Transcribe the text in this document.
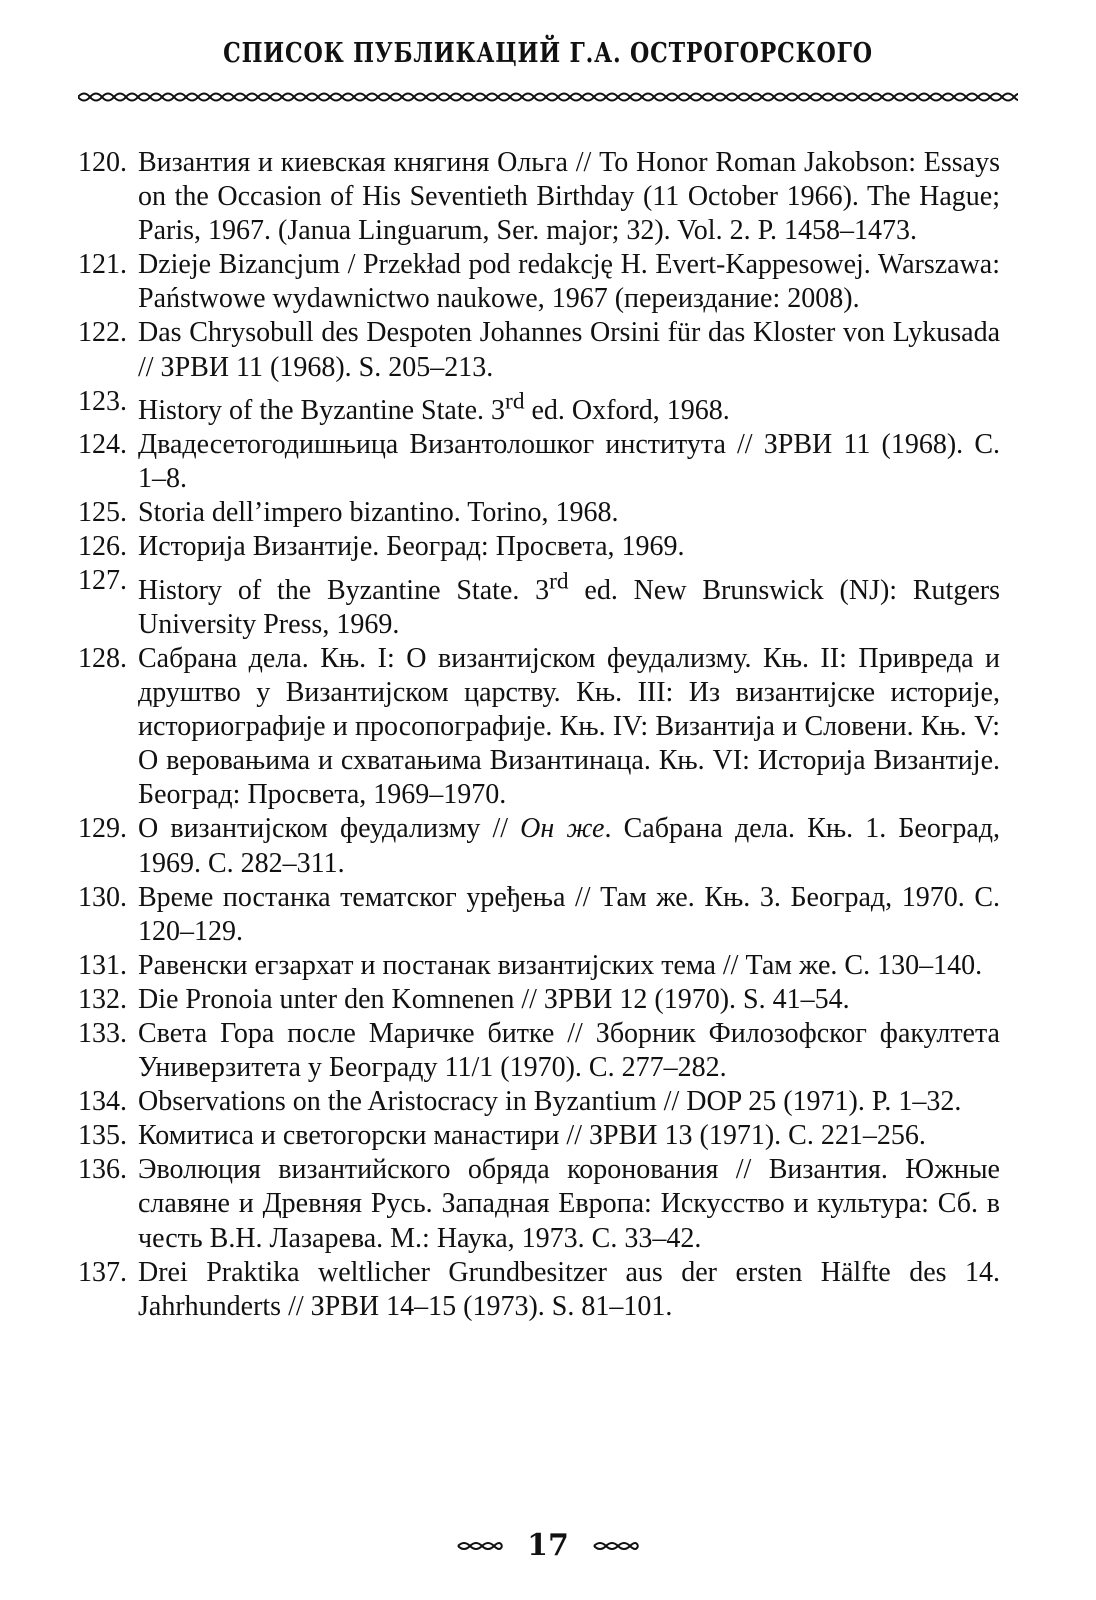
СПИСОК ПУБЛИКАЦИЙ Г.А. ОСТРОГОРСКОГО
120. Византия и киевская княгиня Ольга // To Honor Roman Jakobson: Essays on the Occasion of His Seventieth Birthday (11 October 1966). The Hague; Paris, 1967. (Janua Linguarum, Ser. major; 32). Vol. 2. P. 1458–1473.
121. Dzieje Bizancjum / Przekład pod redakcję H. Evert-Kappesowej. Warszawa: Państwowe wydawnictwo naukowe, 1967 (переиздание: 2008).
122. Das Chrysobull des Despoten Johannes Orsini für das Kloster von Lykusada // ЗРВИ 11 (1968). S. 205–213.
123. History of the Byzantine State. 3rd ed. Oxford, 1968.
124. Двадесетогодишњица Византолошког института // ЗРВИ 11 (1968). С. 1–8.
125. Storia dell’impero bizantino. Torino, 1968.
126. Историја Византије. Београд: Просвета, 1969.
127. History of the Byzantine State. 3rd ed. New Brunswick (NJ): Rutgers University Press, 1969.
128. Сабрана дела. Књ. I: О византијском феудализму. Књ. II: Привреда и друштво у Византијском царству. Књ. III: Из византијске историје, историографије и просопографије. Књ. IV: Византија и Словени. Књ. V: О веровањима и схватањима Византинаца. Књ. VI: Историја Византије. Београд: Просвета, 1969–1970.
129. О византијском феудализму // Он же. Сабрана дела. Књ. 1. Београд, 1969. С. 282–311.
130. Време постанка тематског уређења // Там же. Књ. 3. Београд, 1970. С. 120–129.
131. Равенски егзархат и постанак византијских тема // Там же. С. 130–140.
132. Die Pronoia unter den Komnenen // ЗРВИ 12 (1970). S. 41–54.
133. Света Гора после Маричке битке // Зборник Филозофског факултета Универзитета у Београду 11/1 (1970). С. 277–282.
134. Observations on the Aristocracy in Byzantium // DOP 25 (1971). P. 1–32.
135. Комитиса и светогорски манастири // ЗРВИ 13 (1971). С. 221–256.
136. Эволюция византийского обряда коронования // Византия. Южные славяне и Древняя Русь. Западная Европа: Искусство и культура: Сб. в честь В.Н. Лазарева. М.: Наука, 1973. С. 33–42.
137. Drei Praktika weltlicher Grundbesitzer aus der ersten Hälfte des 14. Jahrhunderts // ЗРВИ 14–15 (1973). S. 81–101.
17
